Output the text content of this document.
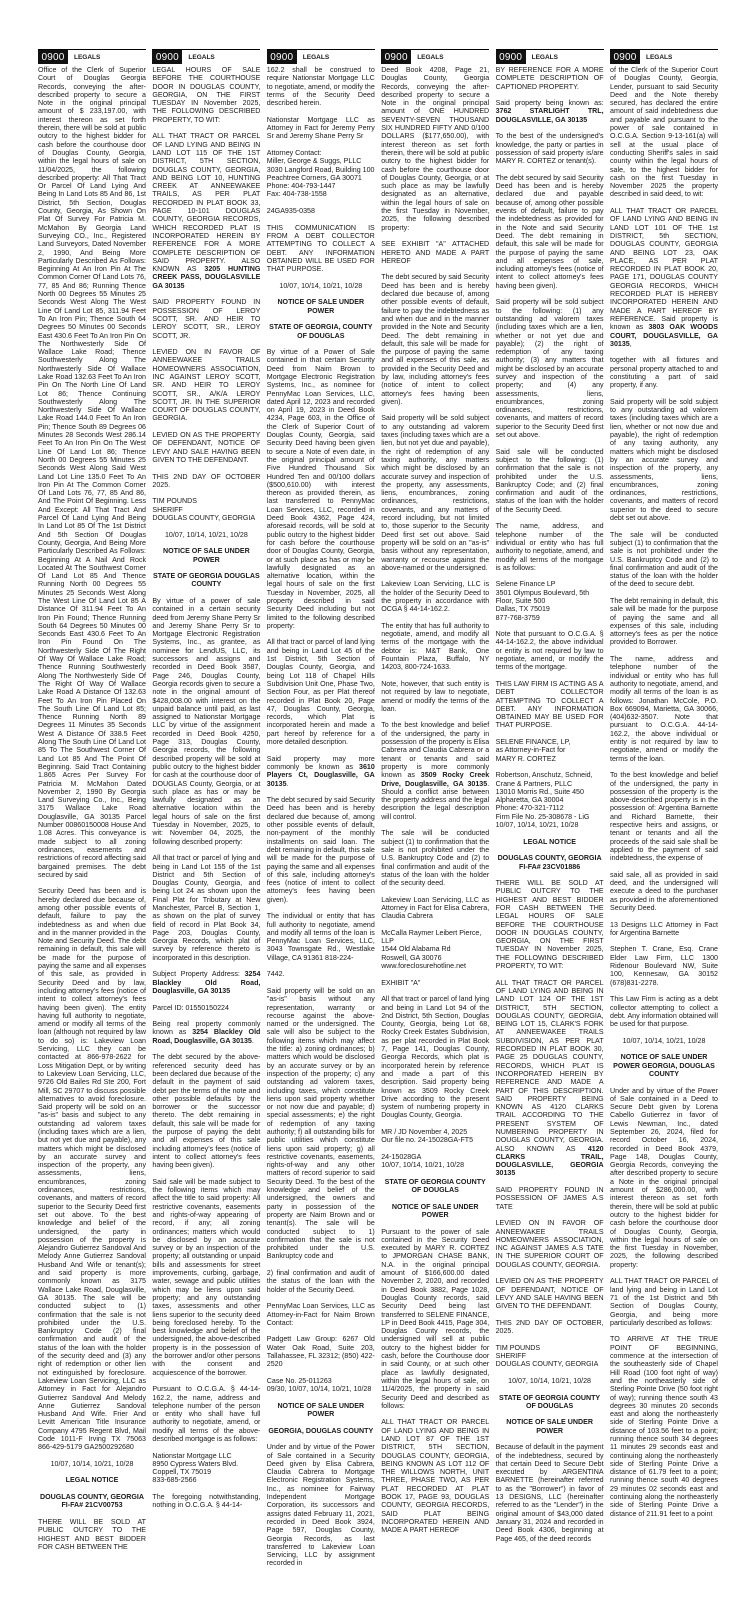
0900	LEGALS

Office of the Clerk of Superior Court of Douglas Georgia Records, conveying the after-described property to secure a Note in the original principal amount of $ 233,197.00, with interest thereon as set forth therein, there will be sold at public outcry to the highest bidder for cash before the courthouse door of Douglas County, Georgia, within the legal hours of sale on 11/04/2025, the following described property: All That Tract Or Parcel Of Land Lying And Being In Land Lots 85 And 86, 1st District, 5th Section, Douglas County, Georgia, As Shown On Plat Of Survey For Patricia M. McMahon By Georgia Land Surveying CO., Inc., Registered Land Surveyors, Dated November 2, 1990, And Being More Particularly Described As Follows: Beginning At An Iron Pin At The Common Corner Of Land Lots 76, 77, 85 And 86; Running Thence North 00 Degrees 55 Minutes 25 Seconds West Along The West Line Of Land Lot 85, 311.94 Feet To An Iron Pin; Thence South 64 Degrees 50 Minutes 00 Seconds East 430.6 Feet To An Iron Pin On The Northwesterly Side Of Wallace Lake Road; Thence Southwesterly Along The Northwesterly Side Of Wallace Lake Road 132.63 Feet To An Iron Pin On The North Line Of Land Lot 86; Thence Continuing Southwesterly Along The Northwesterly Side Of Wallace Lake Road 144.0 Feet To An Iron Pin; Thence South 89 Degrees 06 Minutes 28 Seconds West 286.14 Feet To An Iron Pin On The West Line Of Land Lot 86; Thence North 00 Degrees 55 Minutes 25 Seconds West Along Said West Land Lot Line 135.0 Feet To An Iron Pin At The Common Corner Of Land Lots 76, 77, 85 And 86, And The Point Of Beginning. Less And Except: All That Tract And Parcel Of Land Lying And Being In Land Lot 85 Of The 1st District And 5th Section Of Douglas County, Georgia, And Being More Particularly Described As Follows: Beginning At A Nail And Rock Located At The Southwest Corner Of Land Lot 85 And Thence Running North 00 Degrees 55 Minutes 25 Seconds West Along The West Line Of Land Lot 85 A Distance Of 311.94 Feet To An Iron Pin Found; Thence Running South 64 Degrees 50 Minutes 00 Seconds East 430.6 Feet To An Iron Pin Found On The Northwesterly Side Of The Right Of Way Of Wallace Lake Road; Thence Running Southwesterly Along The Northwesterly Side Of The Right Of Way Of Wallace Lake Road A Distance Of 132.63 Feet To An Iron Pin Placed On The South Line Of Land Lot 85; Thence Running North 89 Degrees 11 Minutes 35 Seconds West A Distance Of 338.5 Feet Along The South Line Of Land Lot 85 To The Southwest Corner Of Land Lot 85 And The Point Of Beginning. Said Tract Containing 1.865 Acres Per Survey For Patricia M. McMahon Dated November 2, 1990 By Georgia Land Surveying Co., Inc., Being 3175 Wallace Lake Road Douglasville, GA 30135 Parcel Number 00860150008 House And 1.08 Acres. This conveyance is made subject to all zoning ordinances, easements and restrictions of record affecting said bargained premises. The debt secured by said

Security Deed has been and is hereby declared due because of, among other possible events of default, failure to pay the indebtedness as and when due and in the manner provided in the Note and Security Deed. The debt remaining in default, this sale will be made for the purpose of paying the same and all expenses of this sale, as provided in Security Deed and by law, including attorney's fees (notice of intent to collect attorney's fees having been given). The entity having full authority to negotiate, amend or modify all terms of the loan (although not required by law to do so) is: Lakeview Loan Servicing, LLC they can be contacted at 866-978-2622 for Loss Mitigation Dept, or by writing to Lakeview Loan Servicing, LLC, 9726 Old Bailes Rd Ste 200, Fort Mill, SC 29707 to discuss possible alternatives to avoid foreclosure. Said property will be sold on an "as-is" basis and subject to any outstanding ad valorem taxes (including taxes which are a lien, but not yet due and payable), any matters which might be disclosed by an accurate survey and inspection of the property, any assessments, liens, encumbrances, zoning ordinances, restrictions, covenants, and matters of record superior to the Security Deed first set out above. To the best knowledge and belief of the undersigned, the party in possession of the property is Alejandro Gutierrez Sandoval And Melody Anne Gutierrez Sandoval Husband And Wife or tenant(s); and said property is more commonly known as 3175 Wallace Lake Road, Douglasville, GA 30135. The sale will be conducted subject to (1) confirmation that the sale is not prohibited under the U.S. Bankruptcy Code (2) final confirmation and audit of the status of the loan with the holder of the security deed and (3) any right of redemption or other lien not extinguished by foreclosure. Lakeview Loan Servicing, LLC as Attorney in Fact for Alejandro Gutierrez Sandoval And Melody Anne Gutierrez Sandoval Husband And Wife. Frier And Levitt American Title Insurance Company 4795 Regent Blvd, Mail Code 1011-F Irving TX 75063 866-429-5179 GA2500292680

10/07, 10/14, 10/21, 10/28

LEGAL NOTICE

DOUGLAS COUNTY, GEORGIA FI-FA# 21CV00753

THERE WILL BE SOLD AT PUBLIC OUTCRY TO THE HIGHEST AND BEST BIDDER FOR CASH BETWEEN THE

0900	LEGALS

LEGAL HOURS OF SALE BEFORE THE COURTHOUSE DOOR IN DOUGLAS COUNTY, GEORGIA, ON THE FIRST TUESDAY IN November 2025, THE FOLLOWING DESCRIBED PROPERTY, TO WIT:

ALL THAT TRACT OR PARCEL OF LAND LYING AND BEING IN LAND LOT 115 OF THE 1ST DISTRICT, 5TH SECTION, DOUGLAS COUNTY, GEORGIA, AND BEING LOT 10, HUNTING CREEK AT ANNEEWAKEE TRAILS, AS PER PLAT RECORDED IN PLAT BOOK 33, PAGE 10-101 DOUGLAS COUNTY, GEORGIA RECORDS, WHICH RECORDED PLAT IS INCORPORATED HEREIN BY REFERENCE FOR A MORE COMPLETE DESCRIPTION OF SAID PROPERTY. ALSO KNOWN AS 3205 HUNTING CREEK PASS, DOUGLASVILLE GA 30135

SAID PROPERTY FOUND IN POSSESSION OF LEROY SCOTT, SR. AND HEIR TO LEROY SCOTT, SR., LEROY SCOTT, JR.

LEVIED ON IN FAVOR OF ANNEEWAKEE TRAILS HOMEOWNERS ASSOCIATION, INC AGAINST LEROY SCOTT, SR. AND HEIR TO LEROY SCOTT, SR., A/K/A LEROY SCOTT, JR. IN THE SUPERIOR COURT OF DOUGLAS COUNTY, GEORGIA.

LEVIED ON AS THE PROPERTY OF DEFENDANT, NOTICE OF LEVY AND SALE HAVING BEEN GIVEN TO THE DEFENDANT.

THIS 2ND DAY OF OCTOBER 2025.

TIM POUNDS
SHERIFF
DOUGLAS COUNTY, GEORGIA

10/07, 10/14, 10/21, 10/28

NOTICE OF SALE UNDER POWER

STATE OF GEORGIA DOUGLAS COUNTY

By virtue of a power of sale contained in a certain security deed from Jeremy Shane Perry Sr and Jeremy Shane Perry Sr to Mortgage Electronic Registration Systems, Inc., as grantee, as nominee for LendUS, LLC, its successors and assigns and recorded in Deed Book 3587, Page 246, Douglas County, Georgia records given to secure a note in the original amount of $428,008.00 with interest on the unpaid balance until paid, as last assigned to Nationstar Mortgage LLC by virtue of the assignment recorded in Deed Book 4250, Page 313, Douglas County, Georgia records, the following described property will be sold at public outcry to the highest bidder for cash at the courthouse door of DOUGLAS County, Georgia, or at such place as has or may be lawfully designated as an alternative location within the legal hours of sale on the first Tuesday in November, 2025, to wit: November 04, 2025, the following described property:

All that tract or parcel of lying and being in Land Lot 155 of the 1st District and 5th Section of Douglas County, Georgia, and being Lot 24 as shown upon the Final Plat for Tributary at New Manchester, Parcel B, Section 1, as shown on the plat of survey field of record in Plat Book 34, Page 203, Douglas County, Georgia Records, which plat of survey by reference thereto is incorporated in this description.

Subject Property Address: 3254 Blackley Old Road, Douglasville, GA 30135

Parcel ID: 01550150224

Being real property commonly known as 3254 Blackley Old Road, Douglasville, GA 30135.

The debt secured by the above-referenced security deed has been declared due because of the default in the payment of said debt per the terms of the note and other possible defaults by the borrower or the successor thereto. The debt remaining in default, this sale will be made for the purpose of paying the debt and all expenses of this sale including attorney's fees (notice of intent to collect attorney's fees having been given).

Said sale will be made subject to the following items which may affect the title to said property: All restrictive covenants, easements and rights-of-way appearing of record, if any; all zoning ordinances; matters which would be disclosed by an accurate survey or by an inspection of the property; all outstanding or unpaid bills and assessments for street improvements, curbing, garbage, water, sewage and public utilities which may be liens upon said property; and any outstanding taxes, assessments and other liens superior to the security deed being foreclosed hereby. To the best knowledge and belief of the undersigned, the above-described property is in the possession of the borrower and/or other persons with the consent and acquiescence of the borrower.

Pursuant to O.C.G.A. § 44-14-162.2, the name, address and telephone number of the person or entity who shall have full authority to negotiate, amend, or modify all terms of the above-described mortgage is as follows:

Nationstar Mortgage LLC
8950 Cypress Waters Blvd.
Coppell, TX 75019
833-685-2566

The foregoing notwithstanding, nothing in O.C.G.A. § 44-14-

0900	LEGALS

162.2 shall be construed to require Nationstar Mortgage LLC to negotiate, amend, or modify the terms of the Security Deed described herein.

Nationstar Mortgage LLC as Attorney in Fact for Jeremy Perry Sr and Jeremy Shane Perry Sr

Attorney Contact:
Miller, George & Suggs, PLLC
3030 Langford Road, Building 100
Peachtree Corners, GA 30071
Phone: 404-793-1447
Fax: 404-738-1558

24GA935-0358

THIS COMMUNICATION IS FROM A DEBT COLLECTOR ATTEMPTING TO COLLECT A DEBT. ANY INFORMATION OBTAINED WILL BE USED FOR THAT PURPOSE.

10/07, 10/14, 10/21, 10/28

NOTICE OF SALE UNDER POWER

STATE OF GEORGIA, COUNTY OF DOUGLAS

By virtue of a Power of Sale contained in that certain Security Deed from Naim Brown to Mortgage Electronic Registration Systems, Inc., as nominee for PennyMac Loan Services, LLC, dated April 12, 2023 and recorded on April 19, 2023 in Deed Book 4234, Page 603, in the Office of the Clerk of Superior Court of Douglas County, Georgia, said Security Deed having been given to secure a Note of even date, in the original principal amount of Five Hundred Thousand Six Hundred Ten and 00/100 dollars ($500,610.00) with interest thereon as provided therein, as last transferred to PennyMac Loan Services, LLC, recorded in Deed Book 4362, Page 424, aforesaid records, will be sold at public outcry to the highest bidder for cash before the courthouse door of Douglas County, Georgia, or at such place as has or may be lawfully designated as an alternative location, within the legal hours of sale on the first Tuesday in November, 2025, all property described in said Security Deed including but not limited to the following described property:

All that tract or parcel of land lying and being in Land Lot 45 of the 1st District, 5th Section of Douglas County, Georgia, and being Lot 118 of Chapel Hills Subdivision Unit One, Phase Two, Section Four, as per Plat thereof recorded in Plat Book 20, Page 47, Douglas County, Georgia, records, which Plat is incorporated herein and made a part hereof by reference for a more detailed description.

Said property may more commonly be known as 3610 Players Ct, Douglasville, GA 30135.

The debt secured by said Security Deed has been and is hereby declared due because of, among other possible events of default, non-payment of the monthly installments on said loan. The debt remaining in default, this sale will be made for the purpose of paying the same and all expenses of this sale, including attorney's fees (notice of intent to collect attorney's fees having been given).

The individual or entity that has full authority to negotiate, amend and modify all terms of the loan is PennyMac Loan Services, LLC, 3043 Townsgate Rd., Westlake Village, CA 91361 818-224-

7442.

Said property will be sold on an "as-is" basis without any representation, warranty or recourse against the above-named or the undersigned. The sale will also be subject to the following items which may affect the title: a) zoning ordinances; b) matters which would be disclosed by an accurate survey or by an inspection of the property; c) any outstanding ad valorem taxes, including taxes, which constitute liens upon said property whether or not now due and payable; d) special assessments; e) the right of redemption of any taxing authority; f) all outstanding bills for public utilities which constitute liens upon said property; g) all restrictive covenants, easements, rights-of-way and any other matters of record superior to said Security Deed. To the best of the knowledge and belief of the undersigned, the owners and party in possession of the property are Naim Brown and or tenant(s). The sale will be conducted subject to 1) confirmation that the sale is not prohibited under the U.S. Bankruptcy code and

2) final confirmation and audit of the status of the loan with the holder of the Security Deed.

PennyMac Loan Services, LLC as Attorney-in-Fact for Naim Brown Contact:

Padgett Law Group: 6267 Old Water Oak Road, Suite 203, Tallahassee, FL 32312; (850) 422-2520

Case No. 25-011263
09/30, 10/07, 10/14, 10/21, 10/28

NOTICE OF SALE UNDER POWER

GEORGIA, DOUGLAS COUNTY

Under and by virtue of the Power of Sale contained in a Security Deed given by Elisa Cabrera, Claudia Cabrera to Mortgage Electronic Registration Systems, Inc., as nominee for Fairway Independent Mortgage Corporation, its successors and assigns dated February 11, 2021, recorded in Deed Book 3924, Page 597, Douglas County, Georgia Records, as last transferred to Lakeview Loan Servicing, LLC by assignment recorded in

0900	LEGALS

Deed Book 4208, Page 21, Douglas County, Georgia Records, conveying the after-described property to secure a Note in the original principal amount of ONE HUNDRED SEVENTY-SEVEN THOUSAND SIX HUNDRED FIFTY AND 0/100 DOLLARS ($177,650.00), with interest thereon as set forth therein, there will be sold at public outcry to the highest bidder for cash before the courthouse door of Douglas County, Georgia, or at such place as may be lawfully designated as an alternative, within the legal hours of sale on the first Tuesday in November, 2025, the following described property:

SEE EXHIBIT "A" ATTACHED HERETO AND MADE A PART HEREOF

The debt secured by said Security Deed has been and is hereby declared due because of, among other possible events of default, failure to pay the indebtedness as and when due and in the manner provided in the Note and Security Deed. The debt remaining in default, this sale will be made for the purpose of paying the same and all expenses of this sale, as provided in the Security Deed and by law, including attorney's fees (notice of intent to collect attorney's fees having been given).

Said property will be sold subject to any outstanding ad valorem taxes (including taxes which are a lien, but not yet due and payable), the right of redemption of any taxing authority, any matters which might be disclosed by an accurate survey and inspection of the property, any assessments, liens, encumbrances, zoning ordinances, restrictions, covenants, and any matters of record including, but not limited to, those superior to the Security Deed first set out above. Said property will be sold on an "as-is" basis without any representation, warranty or recourse against the above-named or the undersigned.

Lakeview Loan Servicing, LLC is the holder of the Security Deed to the property in accordance with OCGA § 44-14-162.2.

The entity that has full authority to negotiate, amend, and modify all terms of the mortgage with the debtor is: M&T Bank, One Fountain Plaza, Buffalo, NY 14203, 800-724-1633.

Note, however, that such entity is not required by law to negotiate, amend or modify the terms of the loan.

To the best knowledge and belief of the undersigned, the party in possession of the property is Elisa Cabrera and Claudia Cabrera or a tenant or tenants and said property is more commonly known as 3509 Rocky Creek Drive, Douglasville, GA 30135. Should a conflict arise between the property address and the legal description the legal description will control.

The sale will be conducted subject (1) to confirmation that the sale is not prohibited under the U.S. Bankruptcy Code and (2) to final confirmation and audit of the status of the loan with the holder of the security deed.

Lakeview Loan Servicing, LLC as Attorney in Fact for Elisa Cabrera, Claudia Cabrera

McCalla Raymer Leibert Pierce, LLP
1544 Old Alabama Rd
Roswell, GA 30076
www.foreclosurehotline.net

EXHIBIT "A"

All that tract or parcel of land lying and being in Land Lot 94 of the 2nd District, 5th Section, Douglas County, Georgia, being Lot 68, Rocky Creek Estates Subdivision, as per plat recorded in Plat Book 7, Page 141, Douglas County, Georgia Records, which plat is incorporated herein by reference and made a part of this description. Said property being known as 3509 Rocky Creek Drive according to the present system of numbering property in Douglas County, Georgia.

MR / JD November 4, 2025
Our file no. 24-15028GA-FT5

24-15028GA
10/07, 10/14, 10/21, 10/28

STATE OF GEORGIA COUNTY OF DOUGLAS

NOTICE OF SALE UNDER POWER

Pursuant to the power of sale contained in the Security Deed executed by MARY R. CORTEZ to JPMORGAN CHASE BANK, N.A. in the original principal amount of $166,600.00 dated November 2, 2020, and recorded in Deed Book 3882, Page 1028, Douglas County records, said Security Deed being last transferred to SELENE FINANCE, LP in Deed Book 4415, Page 304, Douglas County records, the undersigned will sell at public outcry to the highest bidder for cash, before the Courthouse door in said County, or at such other place as lawfully designated, within the legal hours of sale, on 11/4/2025, the property in said Security Deed and described as follows:

ALL THAT TRACT OR PARCEL OF LAND LYING AND BEING IN LAND LOT 87 OF THE 1ST DISTRICT, 5TH SECTION, DOUGLAS COUNTY, GEORGIA, BEING KNOWN AS LOT 112 OF THE WILLOWS NORTH, UNIT THREE, PHASE TWO, AS PER PLAT RECORDED AT PLAT BOOK 17, PAGE 93, DOUGLAS COUNTY, GEORGIA RECORDS, SAID PLAT BEING INCORPORATED HEREIN AND MADE A PART HEREOF

0900	LEGALS

BY REFERENCE FOR A MORE COMPLETE DESCRIPTION OF CAPTIONED PROPERTY.

Said property being known as: 3762 STARLIGHT TRL, DOUGLASVILLE, GA 30135

To the best of the undersigned's knowledge, the party or parties in possession of said property is/are MARY R. CORTEZ or tenant(s).

The debt secured by said Security Deed has been and is hereby declared due and payable because of, among other possible events of default, failure to pay the indebtedness as provided for in the Note and said Security Deed. The debt remaining in default, this sale will be made for the purpose of paying the same and all expenses of sale, including attorney's fees (notice of intent to collect attorney's fees having been given).

Said property will be sold subject to the following: (1) any outstanding ad valorem taxes (including taxes which are a lien, whether or not yet due and payable); (2) the right of redemption of any taxing authority; (3) any matters that might be disclosed by an accurate survey and inspection of the property; and (4) any assessments, liens, encumbrances, zoning ordinances, restrictions, covenants, and matters of record superior to the Security Deed first set out above.

Said sale will be conducted subject to the following: (1) confirmation that the sale is not prohibited under the U.S. Bankruptcy Code; and (2) final confirmation and audit of the status of the loan with the holder of the Security Deed.

The name, address, and telephone number of the individual or entity who has full authority to negotiate, amend, and modify all terms of the mortgage is as follows:

Selene Finance LP
3501 Olympus Boulevard, 5th Floor, Suite 500
Dallas, TX 75019
877-768-3759

Note that pursuant to O.C.G.A. § 44-14-162.2, the above individual or entity is not required by law to negotiate, amend, or modify the terms of the mortgage.

THIS LAW FIRM IS ACTING AS A DEBT COLLECTOR ATTEMPTING TO COLLECT A DEBT. ANY INFORMATION OBTAINED MAY BE USED FOR THAT PURPOSE.

SELENE FINANCE, LP,
as Attorney-in-Fact for
MARY R. CORTEZ

Robertson, Anschutz, Schneid, Crane & Partners, PLLC
13010 Morris Rd., Suite 450
Alpharetta, GA 30004
Phone: 470-321-7112
Firm File No. 25-308678 - LiG
10/07, 10/14, 10/21, 10/28

LEGAL NOTICE

DOUGLAS COUNTY, GEORGIA FI-FA# 23CV01886

THERE WILL BE SOLD AT PUBLIC OUTCRY TO THE HIGHEST AND BEST BIDDER FOR CASH BETWEEN THE LEGAL HOURS OF SALE BEFORE THE COURTHOUSE DOOR IN DOUGLAS COUNTY, GEORGIA, ON THE FIRST TUESDAY IN November 2025, THE FOLLOWING DESCRIBED PROPERTY, TO WIT:

ALL THAT TRACT OR PARCEL OF LAND LYING AND BEING IN LAND LOT 124 OF THE 1ST DISTRICT, 5TH SECTION, DOUGLAS COUNTY, GEORGIA, BEING LOT 15, CLARK'S FORK AT ANNEEWAKEE TRAILS SUBDIVISION, AS PER PLAT RECORDED IN PLAT BOOK 30, PAGE 25 DOUGLAS COUNTY, RECORDS, WHICH PLAT IS INCORPORATED HEREIN BY REFERENCE AND MADE A PART OF THIS DESCRIPTION. SAID PROPERTY BEING KNOWN AS 4120 CLARKS TRAIL ACCORDING TO THE PRESENT SYSTEM OF NUMBERING PROPERTY IN DOUGLAS COUNTY, GEORGIA. ALSO KNOWN AS 4120 CLARKS TRAIL, DOUGLASVILLE, GEORGIA 30135

SAID PROPERTY FOUND IN POSSESSION OF JAMES A.S TATE

LEVIED ON IN FAVOR OF ANNEEWAKEE TRAILS HOMEOWNERS ASSOCIATION, INC AGAINST JAMES A.S TATE IN THE SUPERIOR COURT OF DOUGLAS COUNTY, GEORGIA.

LEVIED ON AS THE PROPERTY OF DEFENDANT, NOTICE OF LEVY AND SALE HAVING BEEN GIVEN TO THE DEFENDANT.

THIS 2ND DAY OF OCTOBER, 2025.

TIM POUNDS
SHERIFF
DOUGLAS COUNTY, GEORGIA

10/07, 10/14, 10/21, 10/28

STATE OF GEORGIA COUNTY OF DOUGLAS

NOTICE OF SALE UNDER POWER

Because of default in the payment of the indebtedness, secured by that certain Deed to Secure Debt executed by ARGENTINA BARNETTE (hereinafter referred to as the "Borrower") in favor of 13 DESIGNS, LLC (hereinafter referred to as the "Lender") in the original amount of $43,000 dated January 31, 2024 and recorded in Deed Book 4306, beginning at Page 465, of the deed records

0900	LEGALS

of the Clerk of the Superior Court of Douglas County, Georgia, Lender, pursuant to said Security Deed and the Note thereby secured, has declared the entire amount of said indebtedness due and payable and pursuant to the power of sale contained in O.C.G.A. Section 9-13-161(a) will sell at the usual place of conducting Sheriff's sales in said county within the legal hours of sale, to the highest bidder for cash on the first Tuesday in November 2025 the property described in said deed, to wit:

ALL THAT TRACT OR PARCEL OF LAND LYING AND BEING IN LAND LOT 101 OF THE 1st DISTRICT, 5th SECTION, DOUGLAS COUNTY, GEORGIA AND BEING LOT 23, OAK PLACE, AS PER PLAT RECORDED IN PLAT BOOK 20, PAGE 171, DOUGLAS COUNTY GEORGIA RECORDS, WHICH RECORDED PLAT IS HEREBY INCORPORATED HEREIN AND MADE A PART HEREOF BY REFERENCE. Said property is known as 3803 OAK WOODS COURT, DOUGLASVILLE, GA 30135,

together with all fixtures and personal property attached to and constituting a part of said property, if any.

Said property will be sold subject to any outstanding ad valorem taxes (including taxes which are a lien, whether or not now due and payable), the right of redemption of any taxing authority, any matters which might be disclosed by an accurate survey and inspection of the property, any assessments, liens, encumbrances, zoning ordinances, restrictions, covenants, and matters of record superior to the deed to secure debt set out above.

The sale will be conducted subject (1) to confirmation that the sale is not prohibited under the U.S. Bankruptcy Code and (2) to final confirmation and audit of the status of the loan with the holder of the deed to secure debt.

The debt remaining in default, this sale will be made for the purpose of paying the same and all expenses of this sale, including attorney's fees as per the notice provided to Borrower.

The name, address and telephone number of the individual or entity who has full authority to negotiate, amend, and modify all terms of the loan is as follows: Jonathan McCole, P.O. Box 669094, Marietta, GA 30066, (404)632-3507. Note that pursuant to O.C.G.A. 44-14-162.2, the above individual or entity is not required by law to negotiate, amend or modify the terms of the loan.

To the best knowledge and belief of the undersigned, the party in possession of the property is the above-described property is in the possession of: Argentina Barnette and Richard Barnette, their respective heirs and assigns, or tenant or tenants and all the proceeds of the said sale shall be applied to the payment of said indebtedness, the expense of

said sale, all as provided in said deed, and the undersigned will execute a deed to the purchaser as provided in the aforementioned Security Deed.

13 Designs LLC Attorney in Fact for Argentina Barnette

Stephen T. Crane, Esq. Crane Elder Law Firm, LLC 1300 Ridenour Boulevard NW, Suite 100, Kennesaw, GA 30152 (678)831-2278.

This Law Firm is acting as a debt collector attempting to collect a debt. Any information obtained will be used for that purpose.

10/07, 10/14, 10/21, 10/28

NOTICE OF SALE UNDER POWER GEORGIA, DOUGLAS COUNTY

Under and by virtue of the Power of Sale contained in a Deed to Secure Debt given by Lorena Cabello Gutierrez in favor of Lewis Newman, Inc., dated September 26, 2024, filed for record October 16, 2024, recorded in Deed Book 4379, Page 148, Douglas County, Georgia Records, conveying the after described property to secure a Note in the original principal amount of $286,000.00, with interest thereon as set forth therein, there will be sold at public outcry to the highest bidder for cash before the courthouse door of Douglas County, Georgia, within the legal hours of sale on the first Tuesday in November, 2025, the following described property:

ALL THAT TRACT OR PARCEL of land lying and being in Land Lot 71 of the 1st District and 5th Section of Douglas County, Georgia, and being more particularly described as follows:

TO ARRIVE AT THE TRUE POINT OF BEGINNING, commence at the intersection of the southeasterly side of Chapel Hill Road (100 foot right of way) and the northeasterly side of Sterling Pointe Drive (50 foot right of way); running thence south 43 degrees 30 minutes 20 seconds east and along the northeasterly side of Sterling Pointe Drive a distance of 103.56 feet to a point; running thence south 34 degrees 11 minutes 29 seconds east and continuing along the northeasterly side of Sterling Pointe Drive a distance of 61.79 feet to a point; running thence south 40 degrees 29 minutes 02 seconds east and continuing along the northeasterly side of Sterling Pointe Drive a distance of 211.91 feet to a point
